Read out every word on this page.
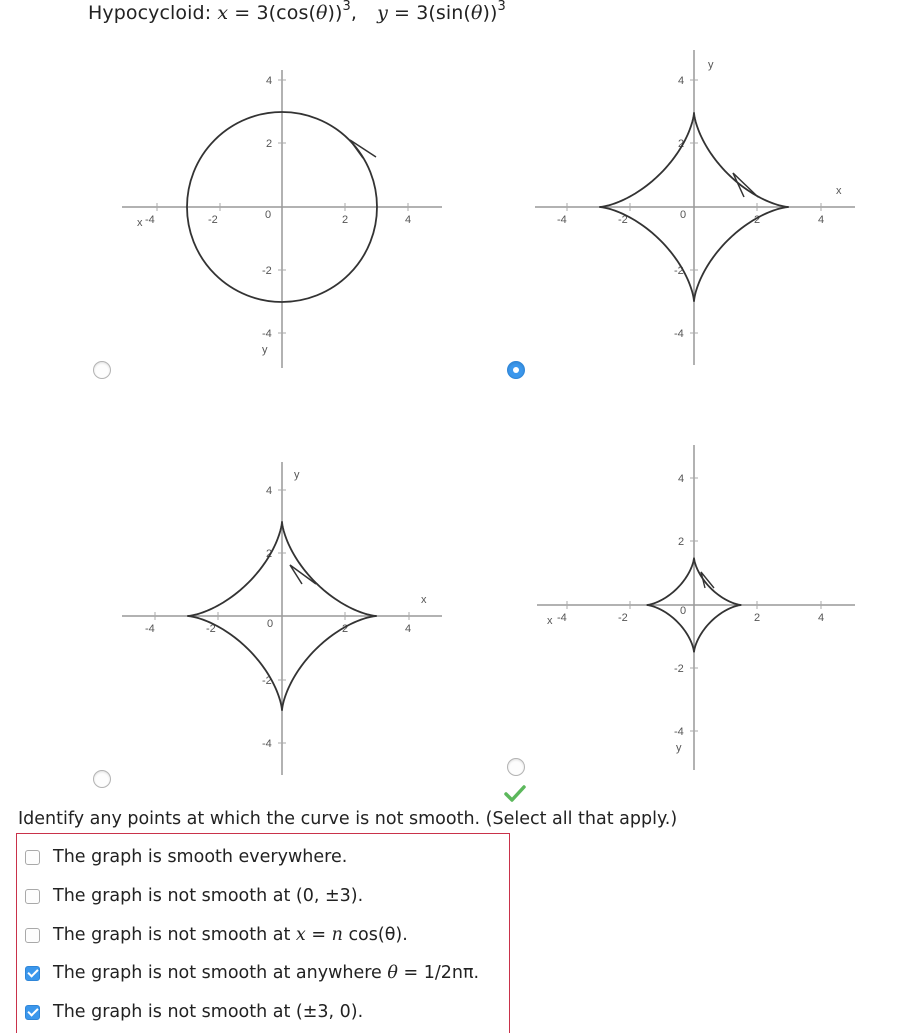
Hypocycloid: $x = 3(\cos(\theta))^3$, $y = 3(\sin(\theta))^3$
x -4	-2	0	2	4
4
2
-2
-4
y
-4	-2	0	2	4
4
2
-2
-4
x
y
-4	-2	0	2	4
4
2
-2
-4
x
y
x -4	-2
0
2	4
4
2
-2
-4
y
Identify any points at which the curve is not smooth. (Select all that apply.)
The graph is smooth everywhere.
The graph is not smooth at (0, ±3).
The graph is not smooth at x = n cos(θ).
The graph is not smooth at anywhere θ = 1/2nπ.
The graph is not smooth at (±3, 0).
